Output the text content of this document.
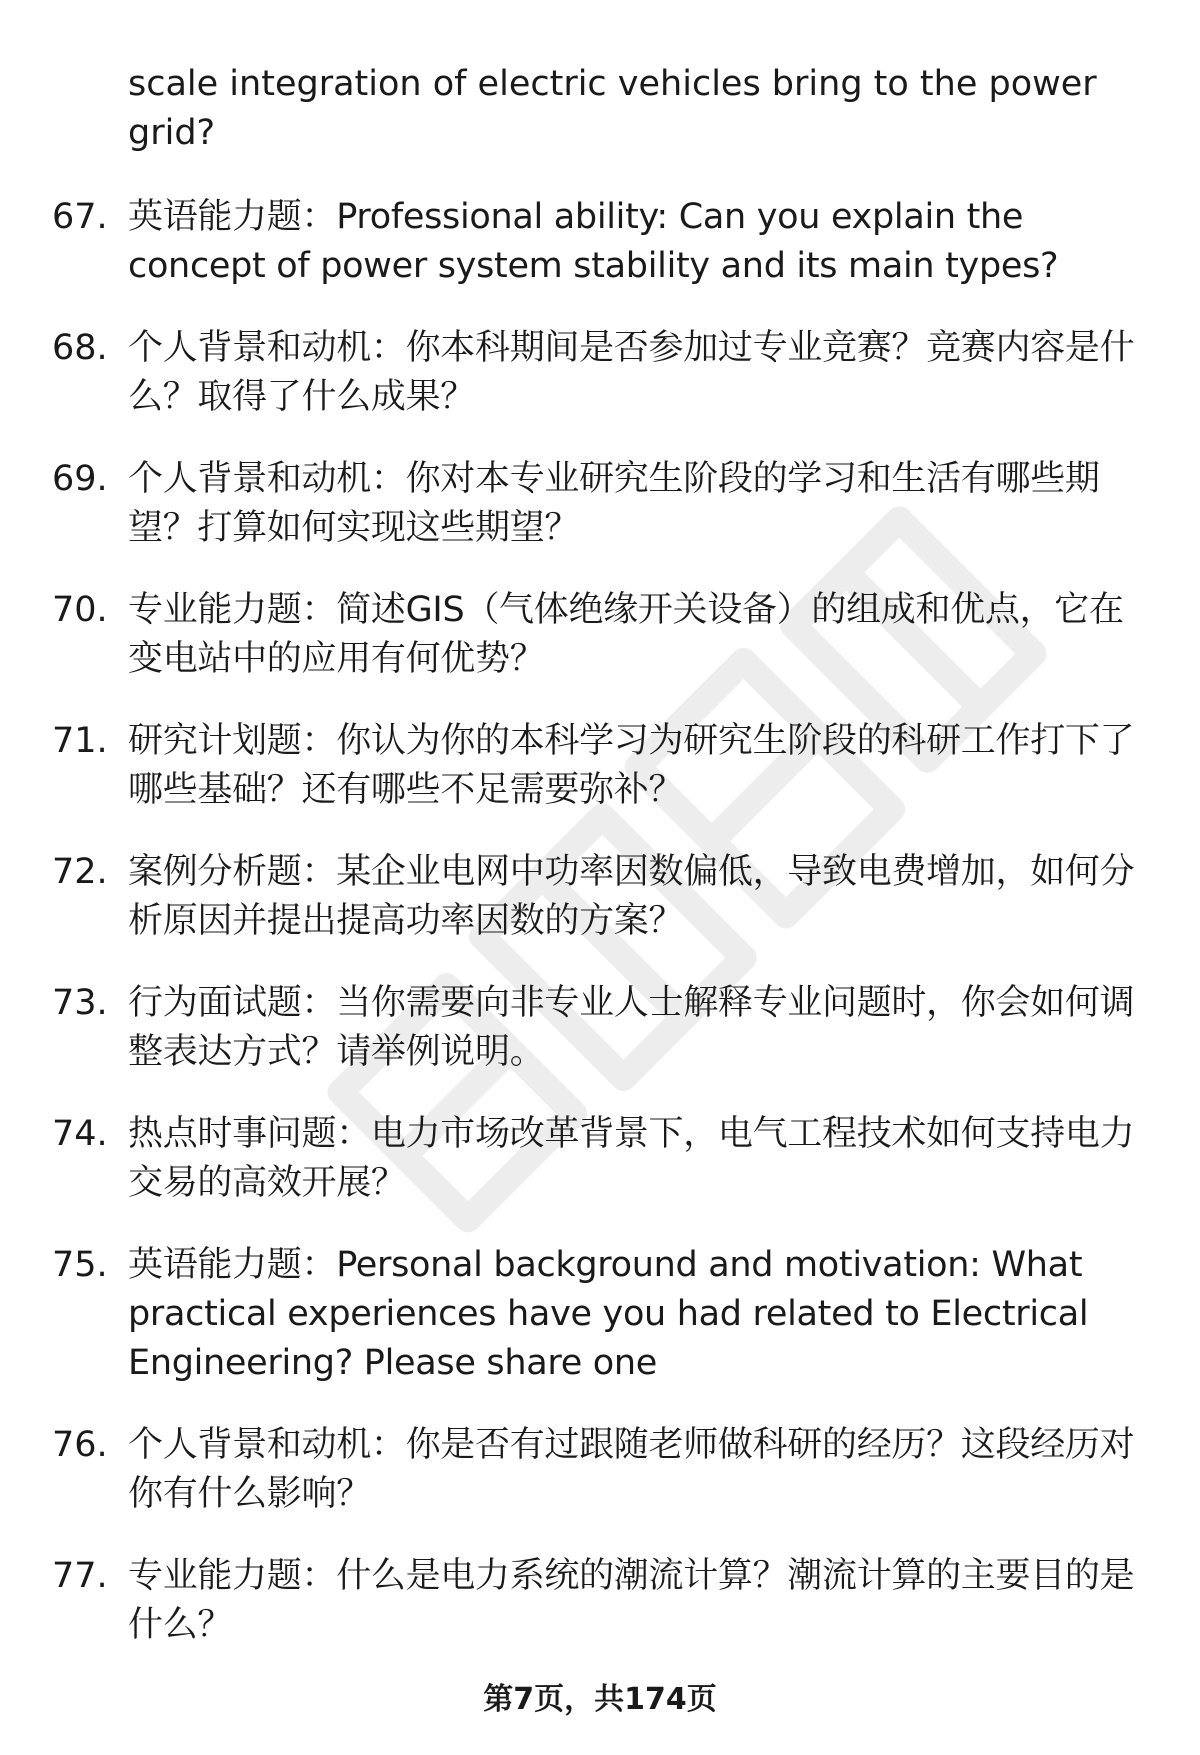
scale integration of electric vehicles bring to the power grid?
67. 英语能力题：Professional ability: Can you explain the concept of power system stability and its main types?
68. 个人背景和动机：你本科期间是否参加过专业竞赛？竞赛内容是什么？取得了什么成果？
69. 个人背景和动机：你对本专业研究生阶段的学习和生活有哪些期望？打算如何实现这些期望？
70. 专业能力题：简述GIS（气体绝缘开关设备）的组成和优点，它在变电站中的应用有何优势？
71. 研究计划题：你认为你的本科学习为研究生阶段的科研工作打下了哪些基础？还有哪些不足需要弥补？
72. 案例分析题：某企业电网中功率因数偏低，导致电费增加，如何分析原因并提出提高功率因数的方案？
73. 行为面试题：当你需要向非专业人士解释专业问题时，你会如何调整表达方式？请举例说明。
74. 热点时事问题：电力市场改革背景下，电气工程技术如何支持电力交易的高效开展？
75. 英语能力题：Personal background and motivation: What practical experiences have you had related to Electrical Engineering? Please share one
76. 个人背景和动机：你是否有过跟随老师做科研的经历？这段经历对你有什么影响？
77. 专业能力题：什么是电力系统的潮流计算？潮流计算的主要目的是什么？
第7页，共174页
